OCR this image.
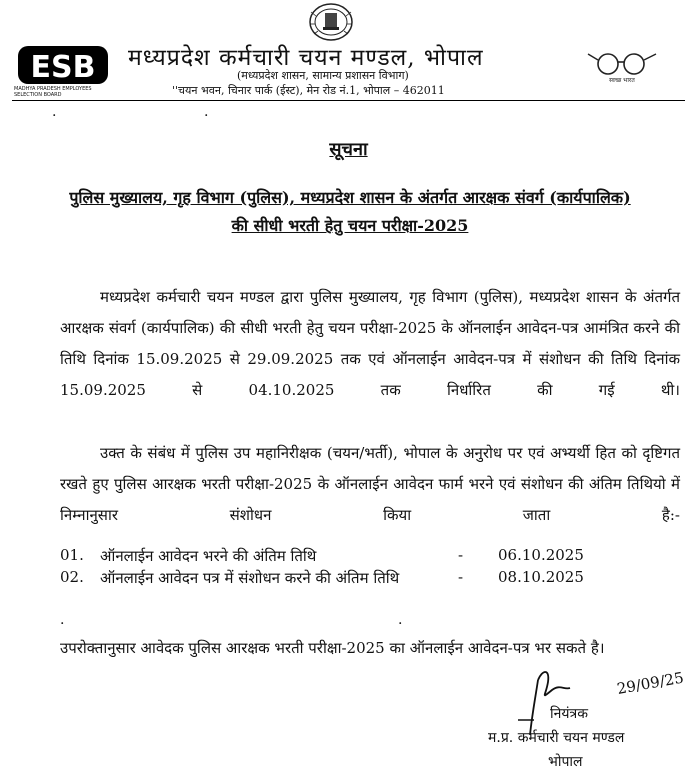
ESB
MADHYA PRADESH EMPLOYEES SELECTION BOARD
मध्यप्रदेश कर्मचारी चयन मण्डल, भोपाल
(मध्यप्रदेश शासन, सामान्य प्रशासन विभाग)
''चयन भवन, चिनार पार्क (ईस्ट), मेन रोड नं.1, भोपाल – 462011
स्वच्छ भारत
.	.
सूचना
पुलिस मुख्यालय, गृह विभाग (पुलिस), मध्यप्रदेश शासन के अंतर्गत आरक्षक संवर्ग (कार्यपालिक) की सीधी भरती हेतु चयन परीक्षा-2025
मध्यप्रदेश कर्मचारी चयन मण्डल द्वारा पुलिस मुख्यालय, गृह विभाग (पुलिस), मध्यप्रदेश शासन के अंतर्गत आरक्षक संवर्ग (कार्यपालिक) की सीधी भरती हेतु चयन परीक्षा-2025 के ऑनलाईन आवेदन-पत्र आमंत्रित करने की तिथि दिनांक 15.09.2025 से 29.09.2025 तक एवं ऑनलाईन आवेदन-पत्र में संशोधन की तिथि दिनांक 15.09.2025 से 04.10.2025 तक निर्धारित की गई थी।
उक्त के संबंध में पुलिस उप महानिरीक्षक (चयन/भर्ती), भोपाल के अनुरोध पर एवं अभ्यर्थी हित को दृष्टिगत रखते हुए पुलिस आरक्षक भरती परीक्षा-2025 के ऑनलाईन आवेदन फार्म भरने एवं संशोधन की अंतिम तिथियो में निम्नानुसार संशोधन किया जाता है:-
01. ऑनलाईन आवेदन भरने की अंतिम तिथि	- 06.10.2025
02. ऑनलाईन आवेदन पत्र में संशोधन करने की अंतिम तिथि	- 08.10.2025
.	.
उपरोक्तानुसार आवेदक पुलिस आरक्षक भरती परीक्षा-2025 का ऑनलाईन आवेदन-पत्र भर सकते है।
29/09/25
नियंत्रक
म.प्र. कर्मचारी चयन मण्डल
भोपाल
